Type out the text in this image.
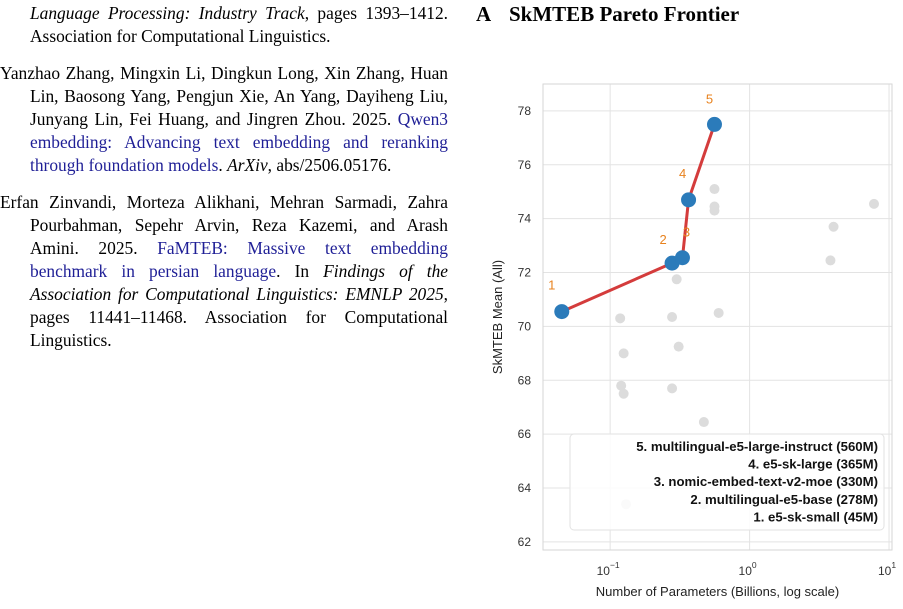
Language Processing: Industry Track, pages 1393–1412. Association for Computational Linguistics.

Yanzhao Zhang, Mingxin Li, Dingkun Long, Xin Zhang, Huan Lin, Baosong Yang, Pengjun Xie, An Yang, Dayiheng Liu, Junyang Lin, Fei Huang, and Jingren Zhou. 2025. Qwen3 embedding: Advancing text embedding and reranking through foundation models. ArXiv, abs/2506.05176.

Erfan Zinvandi, Morteza Alikhani, Mehran Sarmadi, Zahra Pourbahman, Sepehr Arvin, Reza Kazemi, and Arash Amini. 2025. FaMTEB: Massive text embedding benchmark in persian language. In Findings of the Association for Computational Linguistics: EMNLP 2025, pages 11441–11468. Association for Computational Linguistics.

A SkMTEB Pareto Frontier
62
64
66
68
70
72
74
76
78
$10^{-1}$	$10^0$	$10^1$
Number of Parameters (Billions, log scale)
SkMTEB Mean (All)	1
2 3
4
5
5. multilingual-e5-large-instruct (560M)
4. e5-sk-large (365M)
3. nomic-embed-text-v2-moe (330M)
2. multilingual-e5-base (278M)
1. e5-sk-small (45M)
